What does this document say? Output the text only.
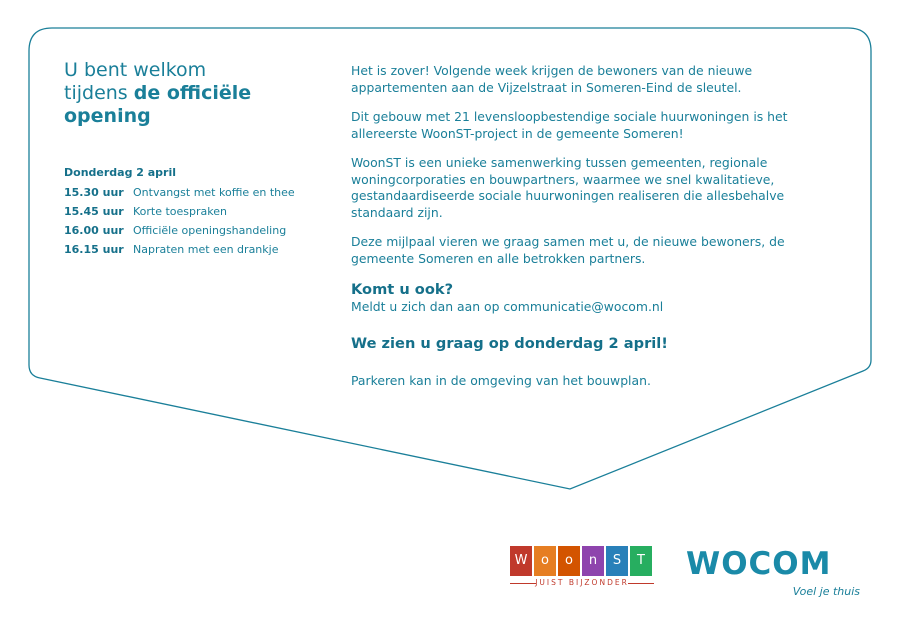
U bent welkom
tijdens de officiële
opening
Donderdag 2 april
15.30 uur Ontvangst met koffie en thee
15.45 uur Korte toespraken
16.00 uur Officiële openingshandeling
16.15 uur Napraten met een drankje

Het is zover! Volgende week krijgen de bewoners van de nieuwe appartementen aan de Vijzelstraat in Someren-Eind de sleutel.

Dit gebouw met 21 levensloopbestendige sociale huurwoningen is het allereerste WoonST-project in de gemeente Someren!

WoonST is een unieke samenwerking tussen gemeenten, regionale woningcorporaties en bouwpartners, waarmee we snel kwalitatieve, gestandaardiseerde sociale huurwoningen realiseren die allesbehalve standaard zijn.

Deze mijlpaal vieren we graag samen met u, de nieuwe bewoners, de gemeente Someren en alle betrokken partners.

Komt u ook?

Meldt u zich dan aan op communicatie@wocom.nl

We zien u graag op donderdag 2 april!

Parkeren kan in de omgeving van het bouwplan.

W	o	o	n	S	T
JUIST BIJZONDER
WOCOM
Voel je thuis
